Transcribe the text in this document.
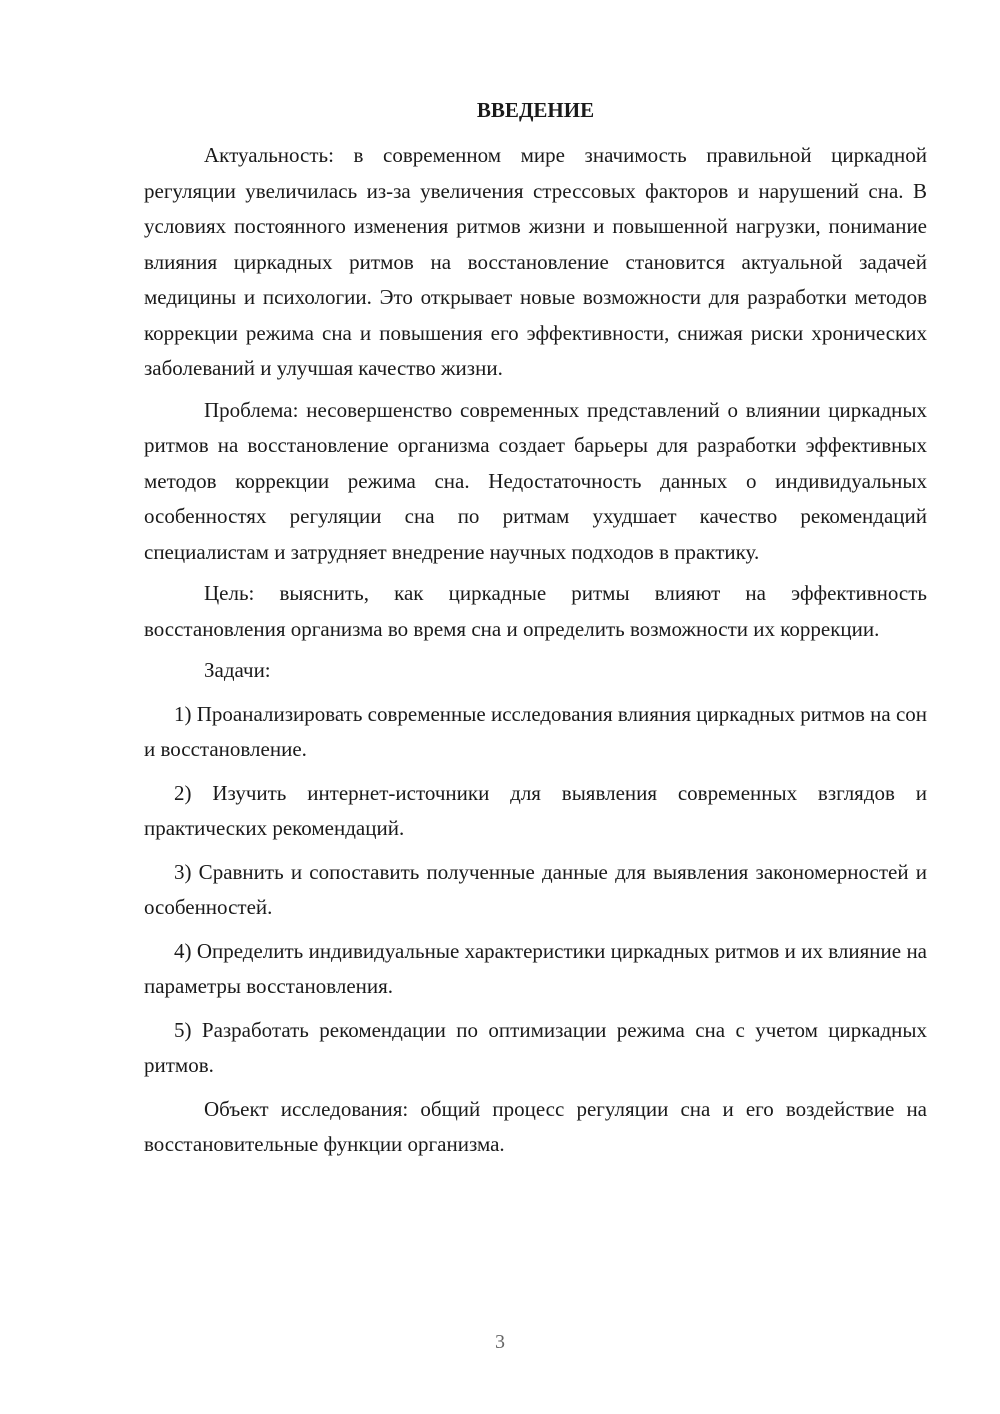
ВВЕДЕНИЕ

Актуальность: в современном мире значимость правильной циркадной регуляции увеличилась из-за увеличения стрессовых факторов и нарушений сна. В условиях постоянного изменения ритмов жизни и повышенной нагрузки, понимание влияния циркадных ритмов на восстановление становится актуальной задачей медицины и психологии. Это открывает новые возможности для разработки методов коррекции режима сна и повышения его эффективности, снижая риски хронических заболеваний и улучшая качество жизни.

Проблема: несовершенство современных представлений о влиянии циркадных ритмов на восстановление организма создает барьеры для разработки эффективных методов коррекции режима сна. Недостаточность данных о индивидуальных особенностях регуляции сна по ритмам ухудшает качество рекомендаций специалистам и затрудняет внедрение научных подходов в практику.

Цель: выяснить, как циркадные ритмы влияют на эффективность восстановления организма во время сна и определить возможности их коррекции.

Задачи:

1) Проанализировать современные исследования влияния циркадных ритмов на сон и восстановление.

2) Изучить интернет-источники для выявления современных взглядов и практических рекомендаций.

3) Сравнить и сопоставить полученные данные для выявления закономерностей и особенностей.

4) Определить индивидуальные характеристики циркадных ритмов и их влияние на параметры восстановления.

5) Разработать рекомендации по оптимизации режима сна с учетом циркадных ритмов.

Объект исследования: общий процесс регуляции сна и его воздействие на восстановительные функции организма.

3
